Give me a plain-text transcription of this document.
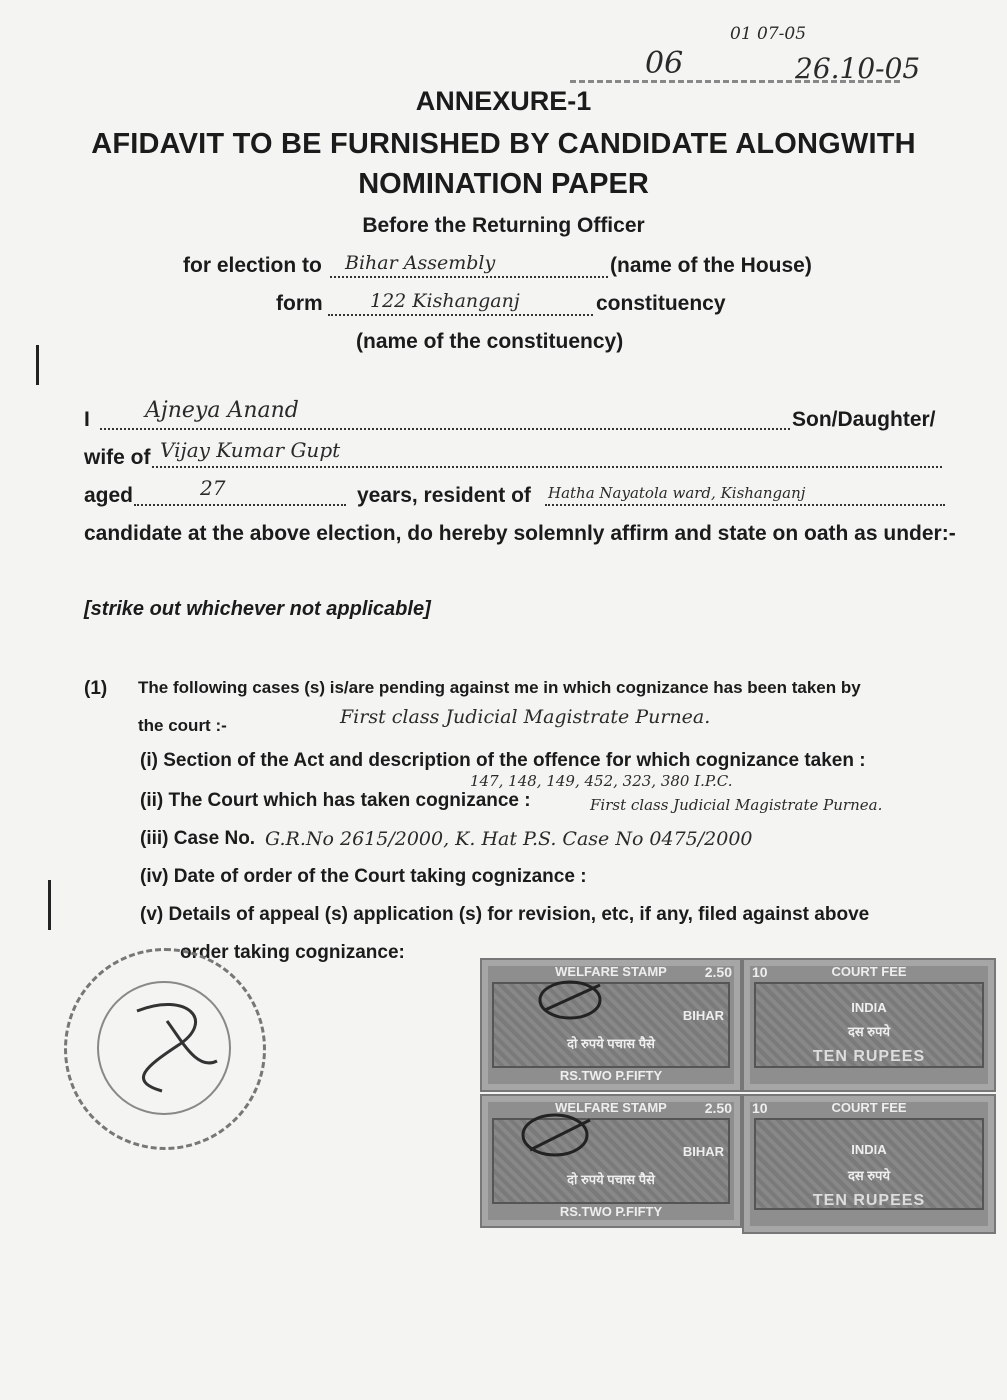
01 07-05
06	26.10-05
ANNEXURE-1
AFIDAVIT TO BE FURNISHED BY CANDIDATE ALONGWITH
NOMINATION PAPER
Before the Returning Officer
for election to Bihar Assembly	(name of the House)
form 122 Kishanganj	constituency
(name of the constituency)
I	Ajneya Anand	Son/Daughter/
wife of Vijay Kumar Gupt
aged	27	years, resident of Hatha Nayatola ward, Kishanganj
candidate at the above election, do hereby solemnly affirm and state on oath as under:-
[strike out whichever not applicable]
(1) The following cases (s) is/are pending against me in which cognizance has been taken by
the court :-	First class Judicial Magistrate Purnea.
(i) Section of the Act and description of the offence for which cognizance taken :
147, 148, 149, 452, 323, 380 I.P.C.
(ii) The Court which has taken cognizance :	First class Judicial Magistrate Purnea.
(iii) Case No. G.R.No 2615/2000, K. Hat P.S. Case No 0475/2000
(iv) Date of order of the Court taking cognizance :
(v) Details of appeal (s) application (s) for revision, etc, if any, filed against above
order taking cognizance:
WELFARE STAMP	2.50
BIHAR
दो रुपये पचास पैसे
RS.TWO P.FIFTY
COURT FEE
10
INDIA
दस रुपये
TEN RUPEES
WELFARE STAMP	2.50
BIHAR
दो रुपये पचास पैसे
RS.TWO P.FIFTY
COURT FEE
10
INDIA
दस रुपये
TEN RUPEES
